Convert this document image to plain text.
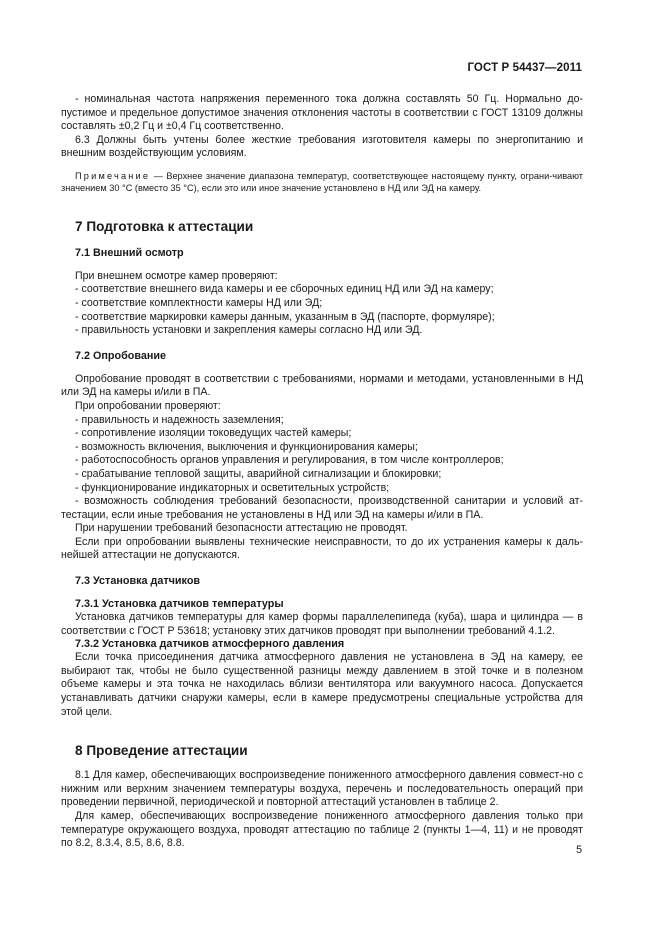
ГОСТ Р 54437—2011

- номинальная частота напряжения переменного тока должна составлять 50 Гц. Нормально до-пустимое и предельное допустимое значения отклонения частоты в соответствии с ГОСТ 13109 должны составлять ±0,2 Гц и ±0,4 Гц соответственно.

6.3 Должны быть учтены более жесткие требования изготовителя камеры по энергопитанию и внешним воздействующим условиям.

Примечание — Верхнее значение диапазона температур, соответствующее настоящему пункту, ограни-чивают значением 30 °С (вместо 35 °С), если это или иное значение установлено в НД или ЭД на камеру.

7 Подготовка к аттестации
7.1 Внешний осмотр

При внешнем осмотре камер проверяют:

- соответствие внешнего вида камеры и ее сборочных единиц НД или ЭД на камеру;

- соответствие комплектности камеры НД или ЭД;

- соответствие маркировки камеры данным, указанным в ЭД (паспорте, формуляре);

- правильность установки и закрепления камеры согласно НД или ЭД.

7.2 Опробование

Опробование проводят в соответствии с требованиями, нормами и методами, установленными в НД или ЭД на камеры и/или в ПА.

При опробовании проверяют:

- правильность и надежность заземления;

- сопротивление изоляции токоведущих частей камеры;

- возможность включения, выключения и функционирования камеры;

- работоспособность органов управления и регулирования, в том числе контроллеров;

- срабатывание тепловой защиты, аварийной сигнализации и блокировки;

- функционирование индикаторных и осветительных устройств;

- возможность соблюдения требований безопасности, производственной санитарии и условий ат-тестации, если иные требования не установлены в НД или ЭД на камеры и/или в ПА.

При нарушении требований безопасности аттестацию не проводят.

Если при опробовании выявлены технические неисправности, то до их устранения камеры к даль-нейшей аттестации не допускаются.

7.3 Установка датчиков
7.3.1 Установка датчиков температуры

Установка датчиков температуры для камер формы параллелепипеда (куба), шара и цилиндра — в соответствии с ГОСТ Р 53618; установку этих датчиков проводят при выполнении требований 4.1.2.

7.3.2 Установка датчиков атмосферного давления

Если точка присоединения датчика атмосферного давления не установлена в ЭД на камеру, ее выбирают так, чтобы не было существенной разницы между давлением в этой точке и в полезном объеме камеры и эта точка не находилась вблизи вентилятора или вакуумного насоса. Допускается устанавливать датчики снаружи камеры, если в камере предусмотрены специальные устройства для этой цели.

8 Проведение аттестации

8.1 Для камер, обеспечивающих воспроизведение пониженного атмосферного давления совмест-но с нижним или верхним значением температуры воздуха, перечень и последовательность операций при проведении первичной, периодической и повторной аттестаций установлен в таблице 2.

Для камер, обеспечивающих воспроизведение пониженного атмосферного давления только при температуре окружающего воздуха, проводят аттестацию по таблице 2 (пункты 1—4, 11) и не проводят по 8.2, 8.3.4, 8.5, 8.6, 8.8.

5
